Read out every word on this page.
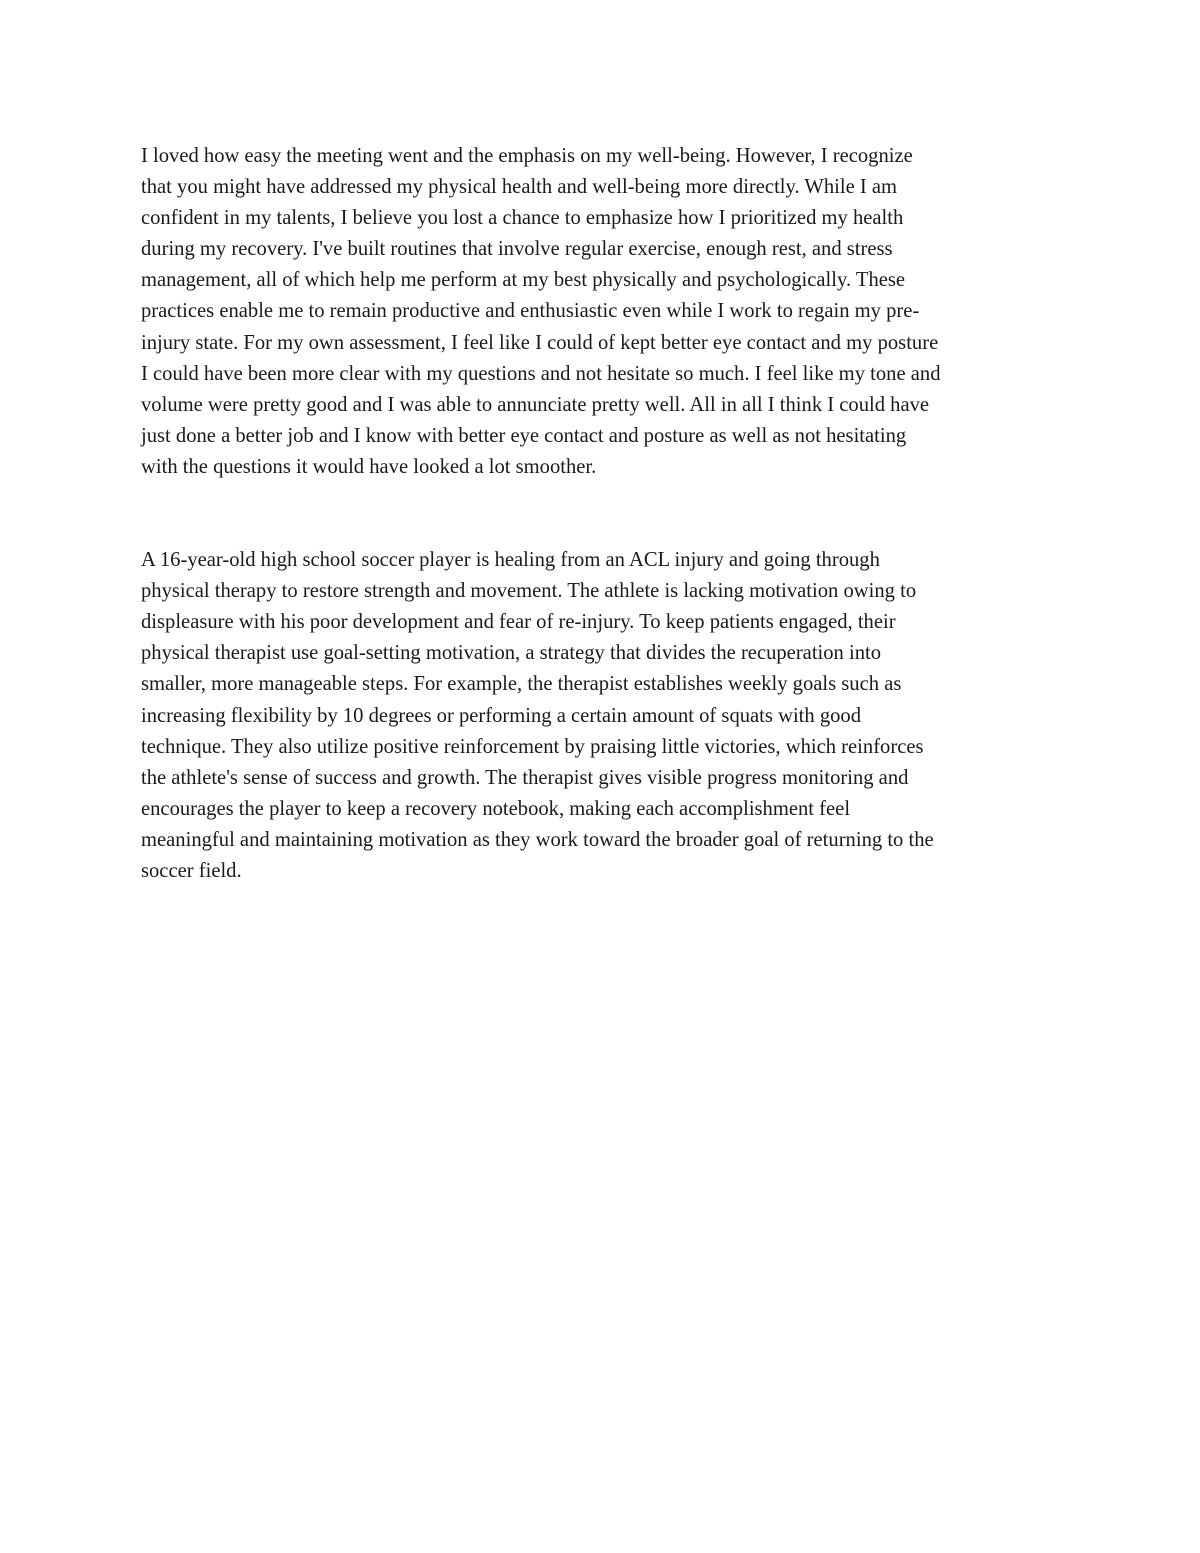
I loved how easy the meeting went and the emphasis on my well-being. However, I recognize
that you might have addressed my physical health and well-being more directly. While I am
confident in my talents, I believe you lost a chance to emphasize how I prioritized my health
during my recovery. I've built routines that involve regular exercise, enough rest, and stress
management, all of which help me perform at my best physically and psychologically. These
practices enable me to remain productive and enthusiastic even while I work to regain my pre-
injury state. For my own assessment, I feel like I could of kept better eye contact and my posture
I could have been more clear with my questions and not hesitate so much. I feel like my tone and
volume were pretty good and I was able to annunciate pretty well. All in all I think I could have
just done a better job and I know with better eye contact and posture as well as not hesitating
with the questions it would have looked a lot smoother.

A 16-year-old high school soccer player is healing from an ACL injury and going through
physical therapy to restore strength and movement. The athlete is lacking motivation owing to
displeasure with his poor development and fear of re-injury. To keep patients engaged, their
physical therapist use goal-setting motivation, a strategy that divides the recuperation into
smaller, more manageable steps. For example, the therapist establishes weekly goals such as
increasing flexibility by 10 degrees or performing a certain amount of squats with good
technique. They also utilize positive reinforcement by praising little victories, which reinforces
the athlete's sense of success and growth. The therapist gives visible progress monitoring and
encourages the player to keep a recovery notebook, making each accomplishment feel
meaningful and maintaining motivation as they work toward the broader goal of returning to the
soccer field.
